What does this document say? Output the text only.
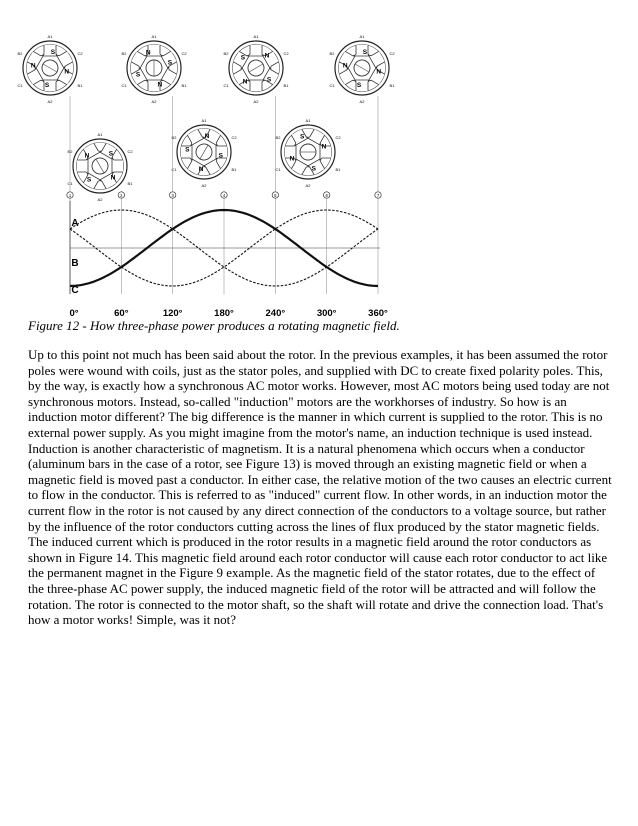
S
N
S
N
A1
A2
C2
B2
C1	B1
S
N
S
N
A1
A2
C2
B2
C1	B1
S
N
S	N
A1
A2
C2
B2
C1	B1	S
N
S
N
A1
A2
C2
B2
C1	B1
S
N
S
N
A1
A2
C2
B2
C1	B1
S
N
S
N
A1
A2
C2
B2
C1	B1	S
N
S
N
A1
A2
C2
B2
C1	B1
1	2	3	4	5	6	7
A
B
C
0°	60°	120°	180°	240°	300°	360°
Figure 12 - How three-phase power produces a rotating magnetic field.

Up to this point not much has been said about the rotor. In the previous examples, it has been assumed the rotor poles were wound with coils, just as the stator poles, and supplied with DC to create fixed polarity poles. This, by the way, is exactly how a synchronous AC motor works. However, most AC motors being used today are not synchronous motors. Instead, so-called "induction" motors are the workhorses of industry. So how is an induction motor different? The big difference is the manner in which current is supplied to the rotor. This is no external power supply. As you might imagine from the motor's name, an induction technique is used instead. Induction is another characteristic of magnetism. It is a natural phenomena which occurs when a conductor (aluminum bars in the case of a rotor, see Figure 13) is moved through an existing magnetic field or when a magnetic field is moved past a conductor. In either case, the relative motion of the two causes an electric current to flow in the conductor. This is referred to as "induced" current flow. In other words, in an induction motor the current flow in the rotor is not caused by any direct connection of the conductors to a voltage source, but rather by the influence of the rotor conductors cutting across the lines of flux produced by the stator magnetic fields. The induced current which is produced in the rotor results in a magnetic field around the rotor conductors as shown in Figure 14. This magnetic field around each rotor conductor will cause each rotor conductor to act like the permanent magnet in the Figure 9 example. As the magnetic field of the stator rotates, due to the effect of the three-phase AC power supply, the induced magnetic field of the rotor will be attracted and will follow the rotation. The rotor is connected to the motor shaft, so the shaft will rotate and drive the connection load. That's how a motor works! Simple, was it not?
